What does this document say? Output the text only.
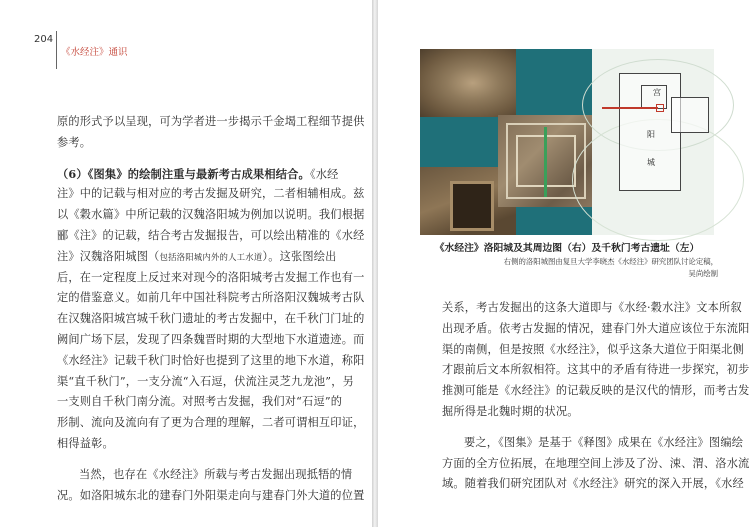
204
《水经注》通识
原的形式予以呈现，可为学者进一步揭示千金堨工程细节提供
参考。
（6）《图集》的绘制注重与最新考古成果相结合。《水经
注》中的记载与相对应的考古发掘及研究，二者相辅相成。兹
以《穀水篇》中所记载的汉魏洛阳城为例加以说明。我们根据
郦《注》的记载，结合考古发掘报告，可以绘出精准的《水经
注》汉魏洛阳城图（包括洛阳城内外的人工水道）。这张图绘出
后，在一定程度上反过来对现今的洛阳城考古发掘工作也有一
定的借鉴意义。如前几年中国社科院考古所洛阳汉魏城考古队
在汉魏洛阳城宫城千秋门遗址的考古发掘中，在千秋门门址的
阙间广场下层，发现了四条魏晋时期的大型地下水道遗迹。而
《水经注》记载千秋门时恰好也提到了这里的地下水道，称阳
渠“直千秋门”，一支分流“入石逗，伏流注灵芝九龙池”，另
一支则自千秋门南分流。对照考古发掘，我们对“石逗”的
形制、流向及流向有了更为合理的理解，二者可谓相互印证，
相得益彰。
当然，也存在《水经注》所载与考古发掘出现抵牾的情
况。如洛阳城东北的建春门外阳渠走向与建春门外大道的位置
宫
阳
城
《水经注》洛阳城及其周边图（右）及千秋门考古遗址（左）
右侧的洛阳城图由复旦大学李晓杰《水经注》研究团队讨论定稿，
吴尚绘制
关系，考古发掘出的这条大道即与《水经·穀水注》文本所叙
出现矛盾。依考古发掘的情况，建春门外大道应该位于东流阳
渠的南侧，但是按照《水经注》，似乎这条大道位于阳渠北侧
才跟前后文本所叙相符。这其中的矛盾有待进一步探究，初步
推测可能是《水经注》的记载反映的是汉代的情形，而考古发
掘所得是北魏时期的状况。
要之，《图集》是基于《释图》成果在《水经注》图编绘
方面的全方位拓展，在地理空间上涉及了汾、涑、渭、洛水流
域。随着我们研究团队对《水经注》研究的深入开展，《水经
